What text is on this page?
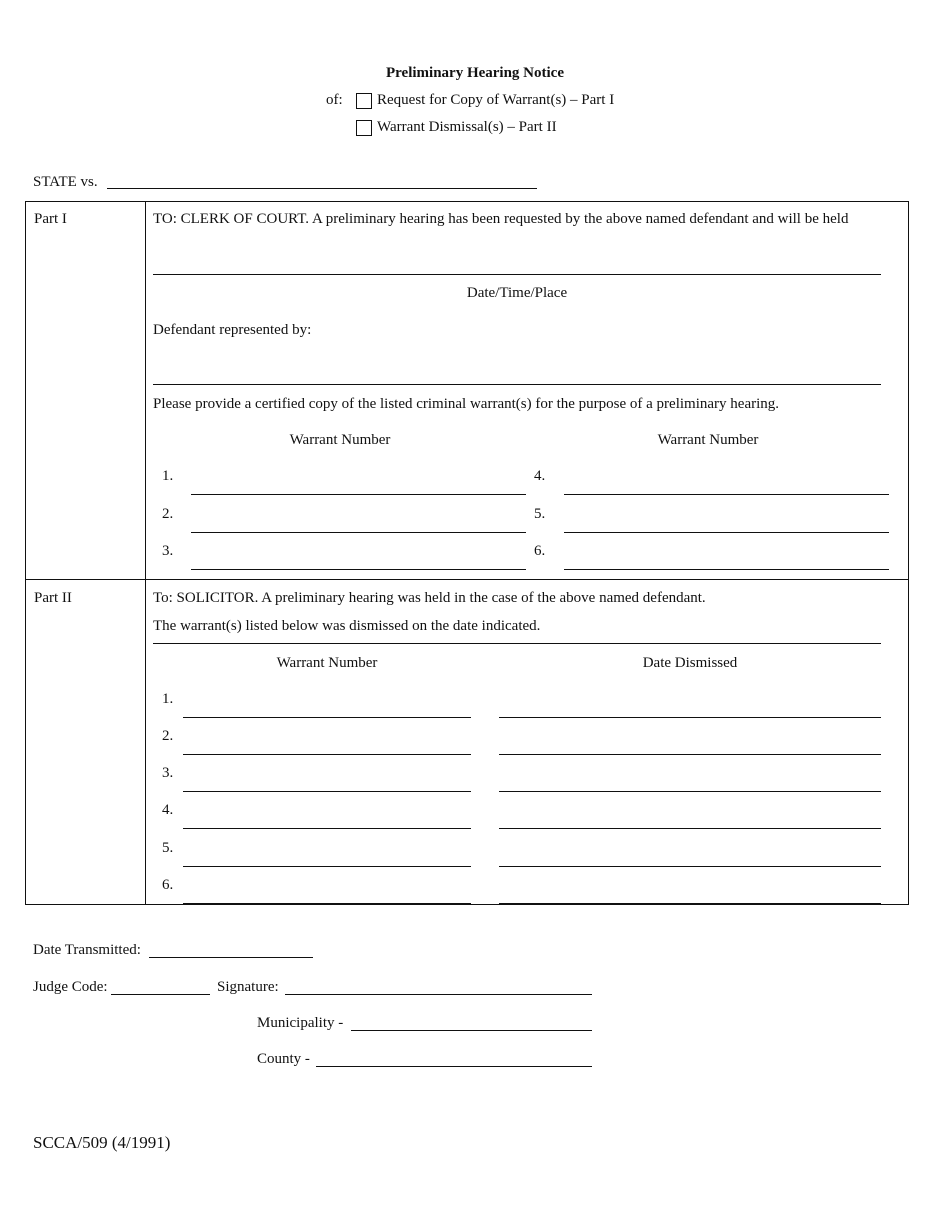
Preliminary Hearing Notice
of: Request for Copy of Warrant(s) – Part I
Warrant Dismissal(s) – Part II
STATE vs.
Part I	TO: CLERK OF COURT. A preliminary hearing has been requested by the above named defendant and will be held
Date/Time/Place
Defendant represented by:
Please provide a certified copy of the listed criminal warrant(s) for the purpose of a preliminary hearing.
Warrant Number	Warrant Number
1.
2.
3.
4.
5.
6.
Part II	To: SOLICITOR. A preliminary hearing was held in the case of the above named defendant.
The warrant(s) listed below was dismissed on the date indicated.
Warrant Number	Date Dismissed
1.
2.
3.
4.
5.
6.
Date Transmitted:
Judge Code:	Signature:
Municipality -
County -
SCCA/509 (4/1991)
